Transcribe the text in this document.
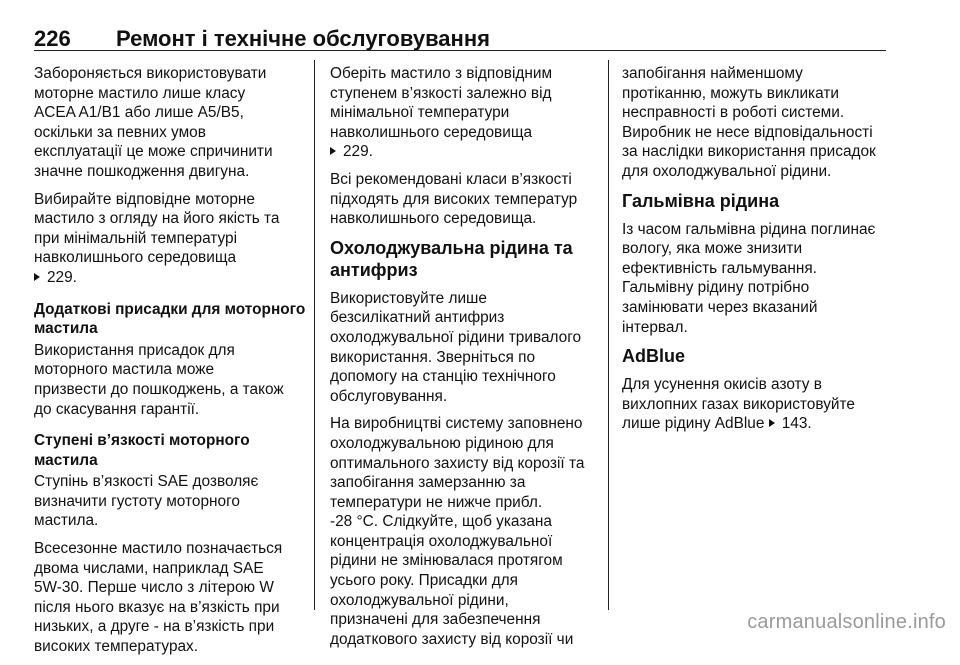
226 Ремонт і технічне обслуговування

Забороняється використовувати
моторне мастило лише класу
ACEA A1/B1 або лише A5/B5,
оскільки за певних умов
експлуатації це може спричинити
значне пошкодження двигуна.

Вибирайте відповідне моторне
мастило з огляду на його якість та
при мінімальній температурі
навколишнього середовища
229.

Додаткові присадки для моторного
мастила

Використання присадок для
моторного мастила може
призвести до пошкоджень, а також
до скасування гарантії.

Ступені в’язкості моторного
мастила

Ступінь в’язкості SAE дозволяє
визначити густоту моторного
мастила.

Всесезонне мастило позначається
двома числами, наприклад SAE
5W-30. Перше число з літерою W
після нього вказує на в’язкість при
низьких, а друге - на в’язкість при
високих температурах.

Оберіть мастило з відповідним
ступенем в’язкості залежно від
мінімальної температури
навколишнього середовища
229.

Всі рекомендовані класи в’язкості
підходять для високих температур
навколишнього середовища.

Охолоджувальна рідина та
антифриз

Використовуйте лише
безсилікатний антифриз
охолоджувальної рідини тривалого
використання. Зверніться по
допомогу на станцію технічного
обслуговування.

На виробництві систему заповнено
охолоджувальною рідиною для
оптимального захисту від корозії та
запобігання замерзанню за
температури не нижче прибл.
-28 °C. Слідкуйте, щоб указана
концентрація охолоджувальної
рідини не змінювалася протягом
усього року. Присадки для
охолоджувальної рідини,
призначені для забезпечення
додаткового захисту від корозії чи

запобігання найменшому
протіканню, можуть викликати
несправності в роботі системи.
Виробник не несе відповідальності
за наслідки використання присадок
для охолоджувальної рідини.

Гальмівна рідина

Із часом гальмівна рідина поглинає
вологу, яка може знизити
ефективність гальмування.
Гальмівну рідину потрібно
замінювати через вказаний
інтервал.

AdBlue

Для усунення окисів азоту в
вихлопних газах використовуйте
лише рідину AdBlue 143.

carmanualsonline.info
